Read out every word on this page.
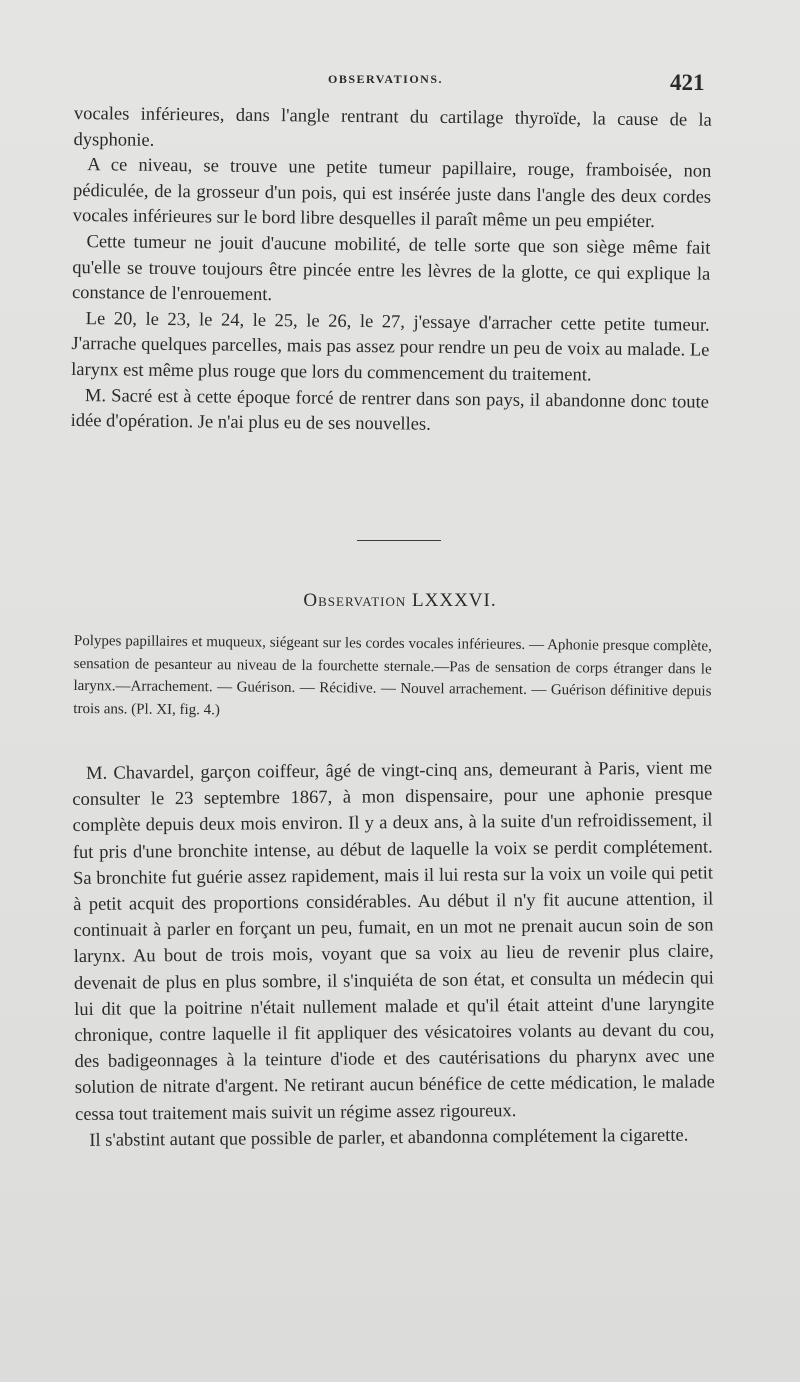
OBSERVATIONS.	421

vocales inférieures, dans l'angle rentrant du cartilage thyroïde, la cause de la dysphonie.

A ce niveau, se trouve une petite tumeur papillaire, rouge, framboisée, non pédiculée, de la grosseur d'un pois, qui est insérée juste dans l'angle des deux cordes vocales inférieures sur le bord libre desquelles il paraît même un peu empiéter.

Cette tumeur ne jouit d'aucune mobilité, de telle sorte que son siège même fait qu'elle se trouve toujours être pincée entre les lèvres de la glotte, ce qui explique la constance de l'enrouement.

Le 20, le 23, le 24, le 25, le 26, le 27, j'essaye d'arracher cette petite tumeur. J'arrache quelques parcelles, mais pas assez pour rendre un peu de voix au malade. Le larynx est même plus rouge que lors du commencement du traitement.

M. Sacré est à cette époque forcé de rentrer dans son pays, il abandonne donc toute idée d'opération. Je n'ai plus eu de ses nouvelles.

Observation LXXXVI.

Polypes papillaires et muqueux, siégeant sur les cordes vocales inférieures. — Aphonie presque complète, sensation de pesanteur au niveau de la fourchette sternale.—Pas de sensation de corps étranger dans le larynx.—Arrachement. — Guérison. — Récidive. — Nouvel arrachement. — Guérison définitive depuis trois ans. (Pl. XI, fig. 4.)

M. Chavardel, garçon coiffeur, âgé de vingt-cinq ans, demeurant à Paris, vient me consulter le 23 septembre 1867, à mon dispensaire, pour une aphonie presque complète depuis deux mois environ. Il y a deux ans, à la suite d'un refroidissement, il fut pris d'une bronchite intense, au début de laquelle la voix se perdit complétement. Sa bronchite fut guérie assez rapidement, mais il lui resta sur la voix un voile qui petit à petit acquit des proportions considérables. Au début il n'y fit aucune attention, il continuait à parler en forçant un peu, fumait, en un mot ne prenait aucun soin de son larynx. Au bout de trois mois, voyant que sa voix au lieu de revenir plus claire, devenait de plus en plus sombre, il s'inquiéta de son état, et consulta un médecin qui lui dit que la poitrine n'était nullement malade et qu'il était atteint d'une laryngite chronique, contre laquelle il fit appliquer des vésicatoires volants au devant du cou, des badigeonnages à la teinture d'iode et des cautérisations du pharynx avec une solution de nitrate d'argent. Ne retirant aucun bénéfice de cette médication, le malade cessa tout traitement mais suivit un régime assez rigoureux.

Il s'abstint autant que possible de parler, et abandonna complétement la cigarette.
